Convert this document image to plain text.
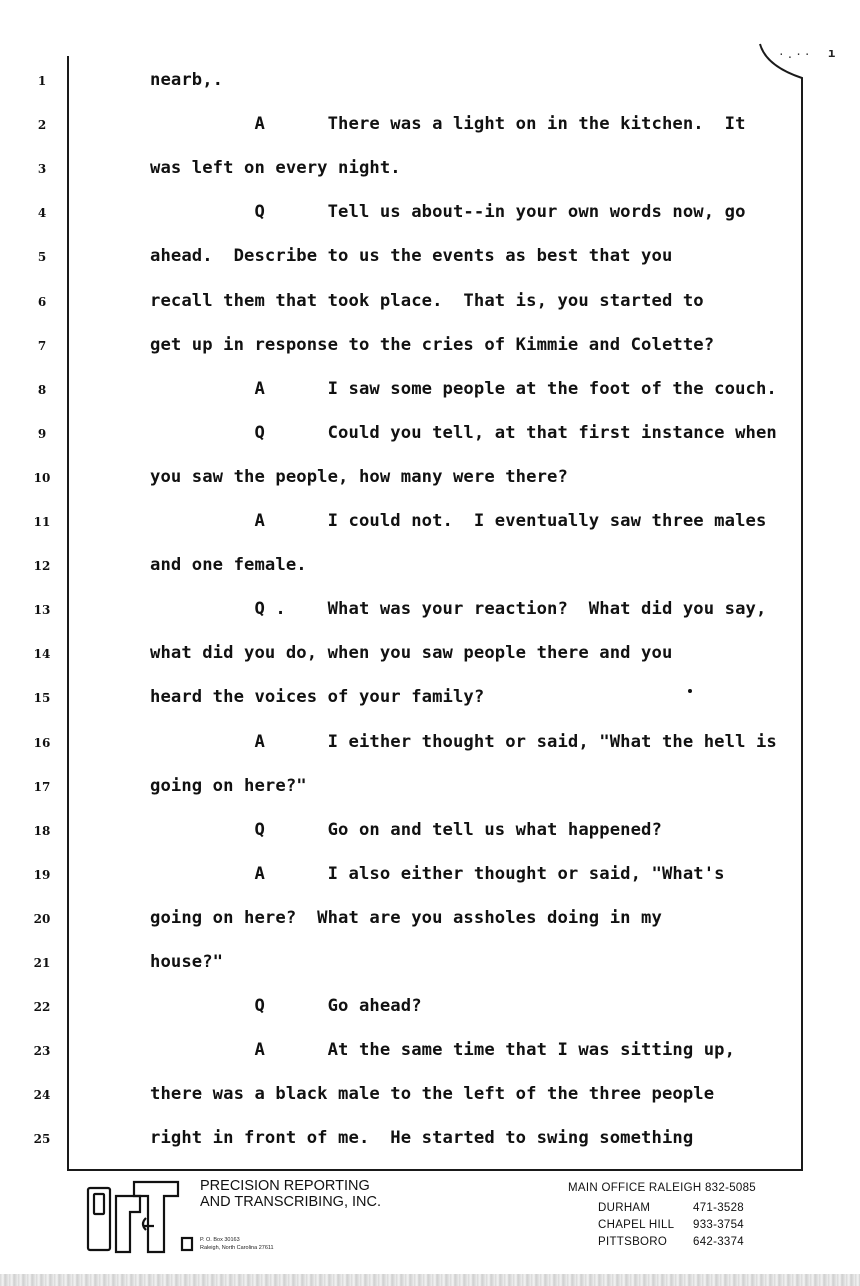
·.·· ı
1	nearb,.
2	A      There was a light on in the kitchen.  It
3	was left on every night.
4	Q      Tell us about--in your own words now, go
5	ahead.  Describe to us the events as best that you
6	recall them that took place.  That is, you started to
7	get up in response to the cries of Kimmie and Colette?
8	A      I saw some people at the foot of the couch.
9	Q      Could you tell, at that first instance when
10	you saw the people, how many were there?
11	A      I could not.  I eventually saw three males
12	and one female.
13	Q .    What was your reaction?  What did you say,
14	what did you do, when you saw people there and you
15	heard the voices of your family?
16	A      I either thought or said, "What the hell is
17	going on here?"
18	Q      Go on and tell us what happened?
19	A      I also either thought or said, "What's
20	going on here?  What are you assholes doing in my
21	house?"
22	Q      Go ahead?
23	A      At the same time that I was sitting up,
24	there was a black male to the left of the three people
25	right in front of me.  He started to swing something
PRECISION REPORTING
AND TRANSCRIBING, INC.
P. O. Box 30163
Raleigh, North Carolina 27611
MAIN OFFICE RALEIGH 832-5085
DURHAM	471-3528
CHAPEL HILL 933-3754
PITTSBORO 642-3374
